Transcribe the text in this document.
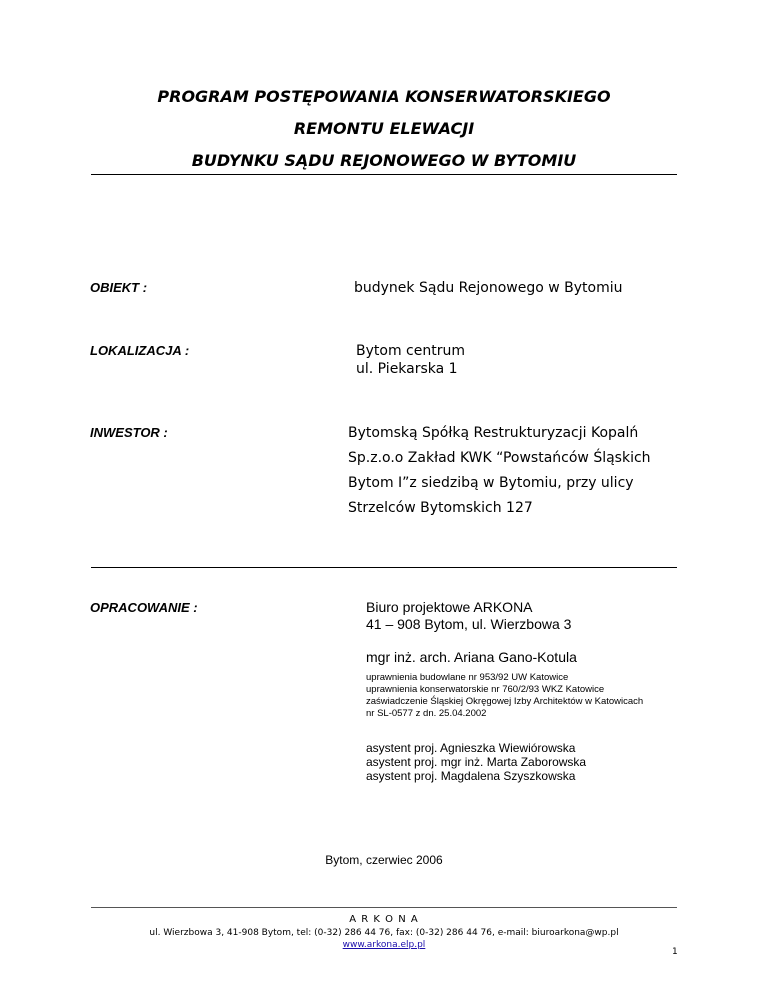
PROGRAM POSTĘPOWANIA KONSERWATORSKIEGO
REMONTU ELEWACJI
BUDYNKU SĄDU REJONOWEGO W BYTOMIU
OBIEKT :	budynek Sądu Rejonowego w Bytomiu
LOKALIZACJA :	Bytom centrum
ul. Piekarska 1
INWESTOR :	Bytomską Spółką Restrukturyzacji Kopalń
Sp.z.o.o Zakład KWK “Powstańców Śląskich
Bytom I”z siedzibą w Bytomiu, przy ulicy
Strzelców Bytomskich 127
OPRACOWANIE :	Biuro projektowe ARKONA
41 – 908 Bytom, ul. Wierzbowa 3
mgr inż. arch. Ariana Gano-Kotula
uprawnienia budowlane nr 953/92 UW Katowice
uprawnienia konserwatorskie nr 760/2/93 WKZ Katowice
zaświadczenie Śląskiej Okręgowej Izby Architektów w Katowicach
nr SL-0577 z dn. 25.04.2002
asystent proj. Agnieszka Wiewiórowska
asystent proj. mgr inż. Marta Zaborowska
asystent proj. Magdalena Szyszkowska
Bytom, czerwiec 2006
A R K O N A
ul. Wierzbowa 3, 41-908 Bytom, tel: (0-32) 286 44 76, fax: (0-32) 286 44 76, e-mail: biuroarkona@wp.pl
www.arkona.elp.pl
1
